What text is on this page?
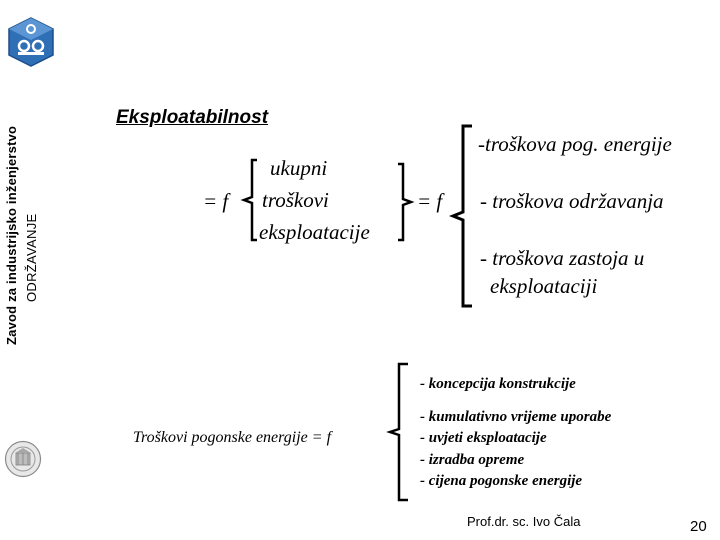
Zavod za industrijsko inženjerstvo ODRŽAVANJE
Eksploatabilnost
= f
ukupni
troškovi
eksploatacije
= f
-troškova pog. energije
- troškova održavanja
- troškova zastoja u
eksploataciji
Troškovi pogonske energije = f
- koncepcija konstrukcije
- kumulativno vrijeme uporabe
- uvjeti eksploatacije
- izradba opreme
- cijena pogonske energije
Prof.dr. sc. Ivo Čala	20
